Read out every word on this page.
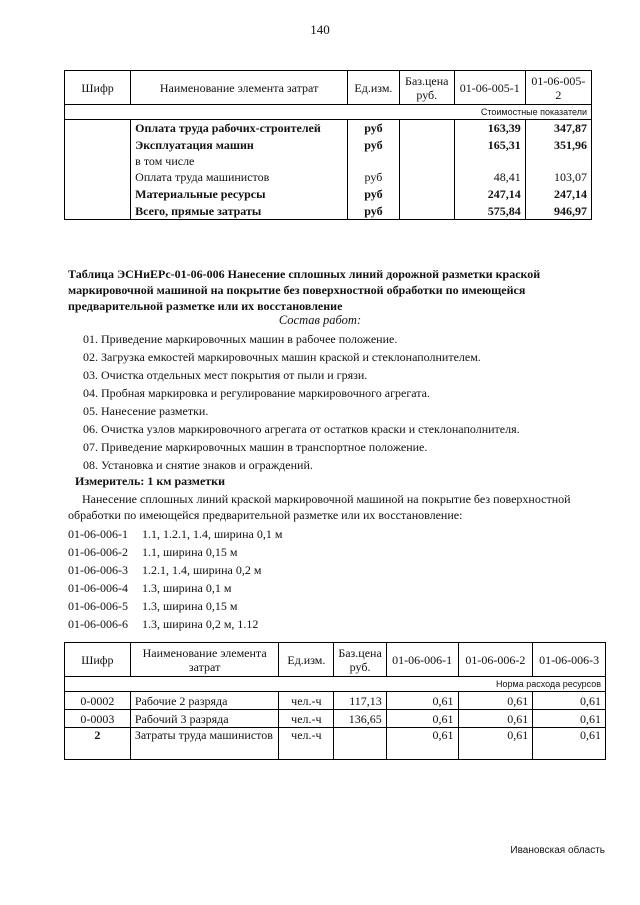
140
Шифр	Наименование элемента затрат	Ед.изм.	Баз.цена руб.	01-06-005-1	01-06-005-2
Стоимостные показатели					
	Оплата труда рабочих-строителей	руб		163,39	347,87
	Эксплуатация машин	руб		165,31	351,96
	в том числе				
	Оплата труда машинистов	руб		48,41	103,07
	Материальные ресурсы	руб		247,14	247,14
	Всего, прямые затраты	руб		575,84	946,97
Таблица ЭСНиЕРс-01-06-006 Нанесение сплошных линий дорожной разметки краской маркировочной машиной на покрытие без поверхностной обработки по имеющейся предварительной разметке или их восстановление
Состав работ:
01. Приведение маркировочных машин в рабочее положение.
02. Загрузка емкостей маркировочных машин краской и стеклонаполнителем.
03. Очистка отдельных мест покрытия от пыли и грязи.
04. Пробная маркировка и регулирование маркировочного агрегата.
05. Нанесение разметки.
06. Очистка узлов маркировочного агрегата от остатков краски и стеклонаполнителя.
07. Приведение маркировочных машин в транспортное положение.
08. Установка и снятие знаков и ограждений.
Измеритель: 1 км разметки
Нанесение сплошных линий краской маркировочной машиной на покрытие без поверхностной обработки по имеющейся предварительной разметке или их восстановление:
01-06-006-1 1.1, 1.2.1, 1.4, ширина 0,1 м
01-06-006-2 1.1, ширина 0,15 м
01-06-006-3 1.2.1, 1.4, ширина 0,2 м
01-06-006-4 1.3, ширина 0,1 м
01-06-006-5 1.3, ширина 0,15 м
01-06-006-6 1.3, ширина 0,2 м, 1.12
Шифр	Наименование элемента затрат	Ед.изм.	Баз.цена руб.	01-06-006-1	01-06-006-2	01-06-006-3
Норма расхода ресурсов						
0-0002	Рабочие 2 разряда	чел.-ч	117,13	0,61	0,61	0,61
0-0003	Рабочий 3 разряда	чел.-ч	136,65	0,61	0,61	0,61
2	Затраты труда машинистов	чел.-ч		0,61	0,61	0,61
Ивановская область
